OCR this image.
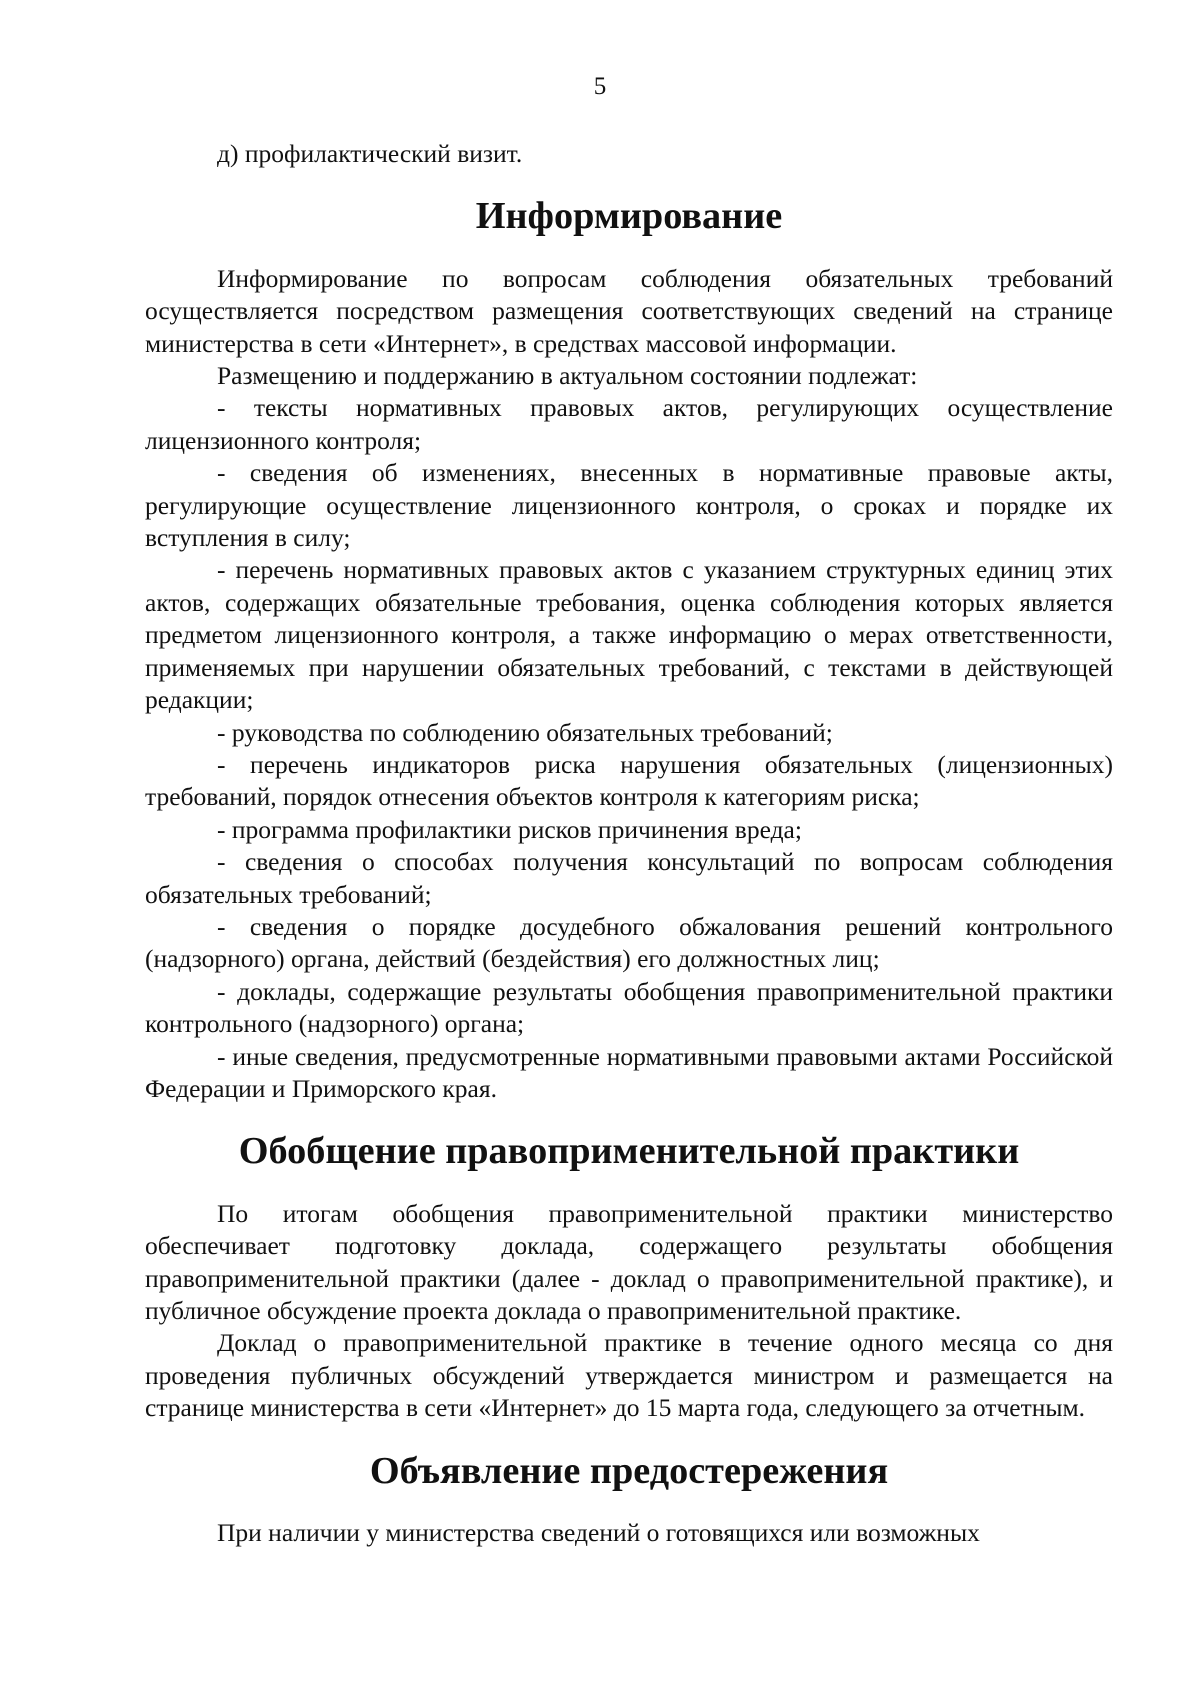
5

д) профилактический визит.

Информирование

Информирование по вопросам соблюдения обязательных требований осуществляется посредством размещения соответствующих сведений на странице министерства в сети «Интернет», в средствах массовой информации.

Размещению и поддержанию в актуальном состоянии подлежат:

- тексты нормативных правовых актов, регулирующих осуществление лицензионного контроля;

- сведения об изменениях, внесенных в нормативные правовые акты, регулирующие осуществление лицензионного контроля, о сроках и порядке их вступления в силу;

- перечень нормативных правовых актов с указанием структурных единиц этих актов, содержащих обязательные требования, оценка соблюдения которых является предметом лицензионного контроля, а также информацию о мерах ответственности, применяемых при нарушении обязательных требований, с текстами в действующей редакции;

- руководства по соблюдению обязательных требований;

- перечень индикаторов риска нарушения обязательных (лицензионных) требований, порядок отнесения объектов контроля к категориям риска;

- программа профилактики рисков причинения вреда;

- сведения о способах получения консультаций по вопросам соблюдения обязательных требований;

- сведения о порядке досудебного обжалования решений контрольного (надзорного) органа, действий (бездействия) его должностных лиц;

- доклады, содержащие результаты обобщения правоприменительной практики контрольного (надзорного) органа;

- иные сведения, предусмотренные нормативными правовыми актами Российской Федерации и Приморского края.

Обобщение правоприменительной практики

По итогам обобщения правоприменительной практики министерство обеспечивает подготовку доклада, содержащего результаты обобщения правоприменительной практики (далее - доклад о правоприменительной практике), и публичное обсуждение проекта доклада о правоприменительной практике.

Доклад о правоприменительной практике в течение одного месяца со дня проведения публичных обсуждений утверждается министром и размещается на странице министерства в сети «Интернет» до 15 марта года, следующего за отчетным.

Объявление предостережения

При наличии у министерства сведений о готовящихся или возможных
